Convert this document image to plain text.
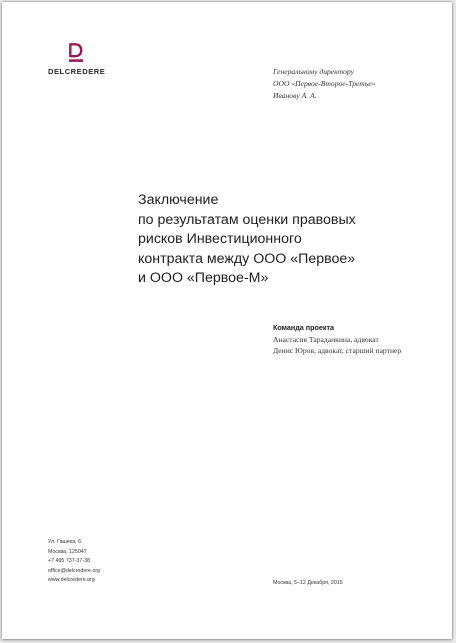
DELCREDERE	Генеральному директору
ООО «Первое-Второе-Третье»
Иванову А. А.
Заключение
по результатам оценки правовых
рисков Инвестиционного
контракта между ООО «Первое»
и ООО «Первое-М»
Команда проекта
Анастасия Тараданкина, адвокат
Денис Юров, адвокат, старший партнер
Ул. Гашека, 6
Москва, 125047
+7 495 737-37-38
office@delcredere.org
www.delcredere.org	Москва, 5–12 Декабря, 2015
